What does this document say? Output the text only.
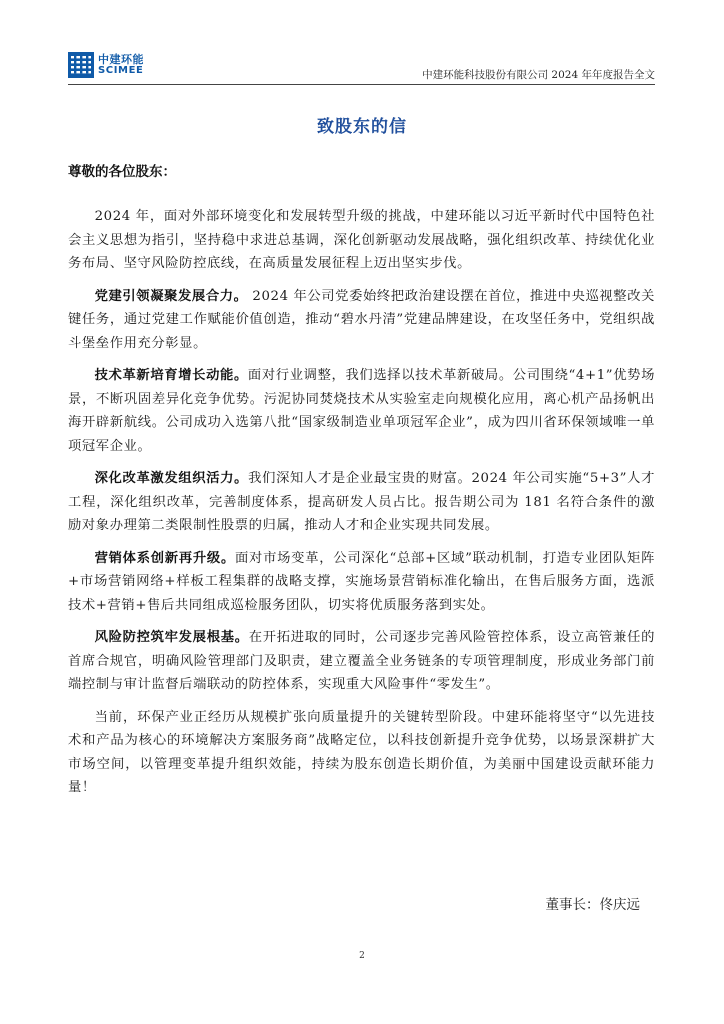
中建环能
SCIMEE	中建环能科技股份有限公司 2024 年年度报告全文
致股东的信
尊敬的各位股东：

2024 年，面对外部环境变化和发展转型升级的挑战，中建环能以习近平新时代中国特色社会主义思想为指引，坚持稳中求进总基调，深化创新驱动发展战略，强化组织改革、持续优化业务布局、坚守风险防控底线，在高质量发展征程上迈出坚实步伐。

党建引领凝聚发展合力。 2024 年公司党委始终把政治建设摆在首位，推进中央巡视整改关键任务，通过党建工作赋能价值创造，推动“碧水丹清”党建品牌建设，在攻坚任务中，党组织战斗堡垒作用充分彰显。

技术革新培育增长动能。面对行业调整，我们选择以技术革新破局。公司围绕“4+1”优势场景，不断巩固差异化竞争优势。污泥协同焚烧技术从实验室走向规模化应用，离心机产品扬帆出海开辟新航线。公司成功入选第八批“国家级制造业单项冠军企业”，成为四川省环保领域唯一单项冠军企业。

深化改革激发组织活力。我们深知人才是企业最宝贵的财富。2024 年公司实施“5+3”人才工程，深化组织改革，完善制度体系，提高研发人员占比。报告期公司为 181 名符合条件的激励对象办理第二类限制性股票的归属，推动人才和企业实现共同发展。

营销体系创新再升级。面对市场变革，公司深化“总部+区域”联动机制，打造专业团队矩阵+市场营销网络+样板工程集群的战略支撑，实施场景营销标准化输出，在售后服务方面，选派技术+营销+售后共同组成巡检服务团队，切实将优质服务落到实处。

风险防控筑牢发展根基。在开拓进取的同时，公司逐步完善风险管控体系，设立高管兼任的首席合规官，明确风险管理部门及职责，建立覆盖全业务链条的专项管理制度，形成业务部门前端控制与审计监督后端联动的防控体系，实现重大风险事件“零发生”。

当前，环保产业正经历从规模扩张向质量提升的关键转型阶段。中建环能将坚守“以先进技术和产品为核心的环境解决方案服务商”战略定位，以科技创新提升竞争优势，以场景深耕扩大市场空间，以管理变革提升组织效能，持续为股东创造长期价值，为美丽中国建设贡献环能力量！

董事长：佟庆远
2
